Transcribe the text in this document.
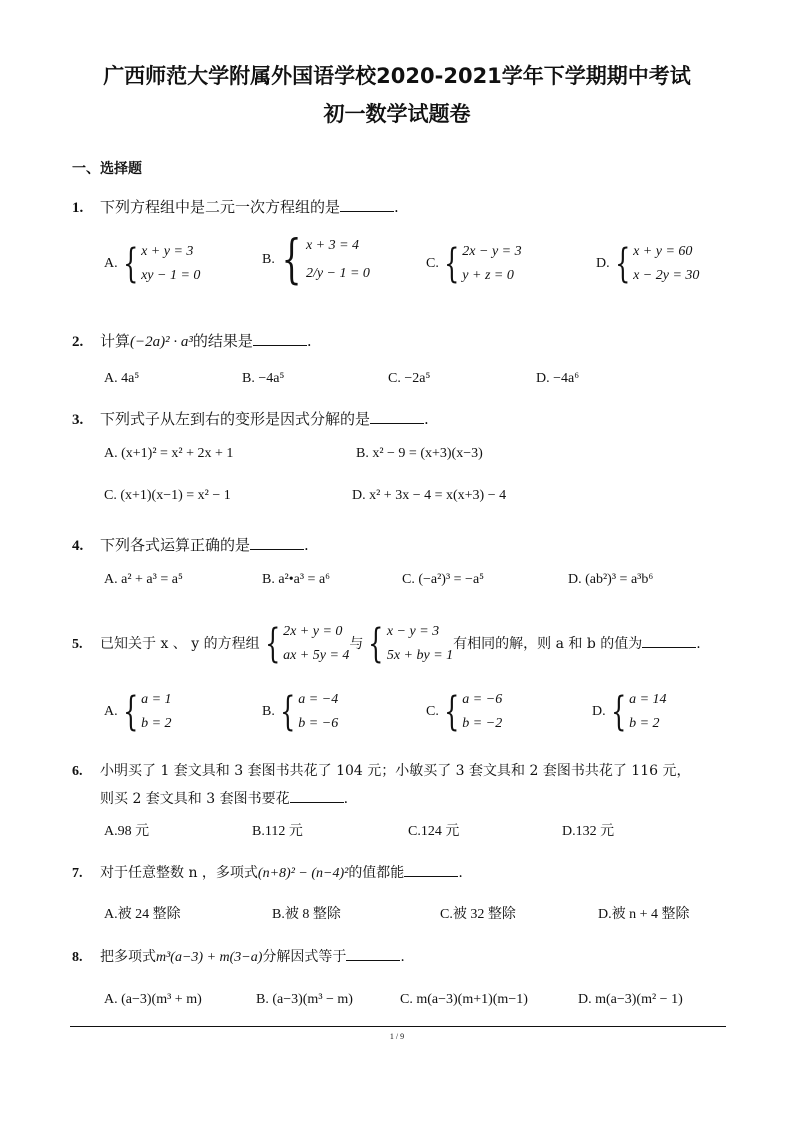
广西师范大学附属外国语学校2020-2021学年下学期期中考试
初一数学试题卷
一、选择题
1. 下列方程组中是二元一次方程组的是	.
A. { x + y = 3
xy − 1 = 0
B. { x + 3 = 4
2/y − 1 = 0
C. { 2x − y = 3
y + z = 0
D. { x + y = 60
x − 2y = 30
2. 计算(−2a)² · a³的结果是	.
A. 4a⁵	B. −4a⁵	C. −2a⁵	D. −4a⁶
3. 下列式子从左到右的变形是因式分解的是	.
A. (x+1)² = x² + 2x + 1	B. x² − 9 = (x+3)(x−3)
C. (x+1)(x−1) = x² − 1	D. x² + 3x − 4 = x(x+3) − 4
4. 下列各式运算正确的是	.
A. a² + a³ = a⁵	B. a²•a³ = a⁶	C. (−a²)³ = −a⁵	D. (ab²)³ = a³b⁶
5. 已知关于 x 、 y 的方程组 { 2x + y = 0
ax + 5y = 4
与 { x − y = 3
5x + by = 1
有相同的解，则 a 和 b 的值为	.
A. { a = 1
b = 2
B. { a = −4
b = −6
C. { a = −6
b = −2
D. { a = 14
b = 2
6. 小明买了 1 套文具和 3 套图书共花了 104 元；小敏买了 3 套文具和 2 套图书共花了 116 元，
则买 2 套文具和 3 套图书要花	.
A.98 元	B.112 元	C.124 元	D.132 元
7. 对于任意整数 n ，多项式(n+8)² − (n−4)²的值都能	.
A.被 24 整除	B.被 8 整除	C.被 32 整除	D.被 n + 4 整除
8. 把多项式m³(a−3) + m(3−a)分解因式等于	.
A. (a−3)(m³ + m)	B. (a−3)(m³ − m)	C. m(a−3)(m+1)(m−1)	D. m(a−3)(m² − 1)
1 / 9
